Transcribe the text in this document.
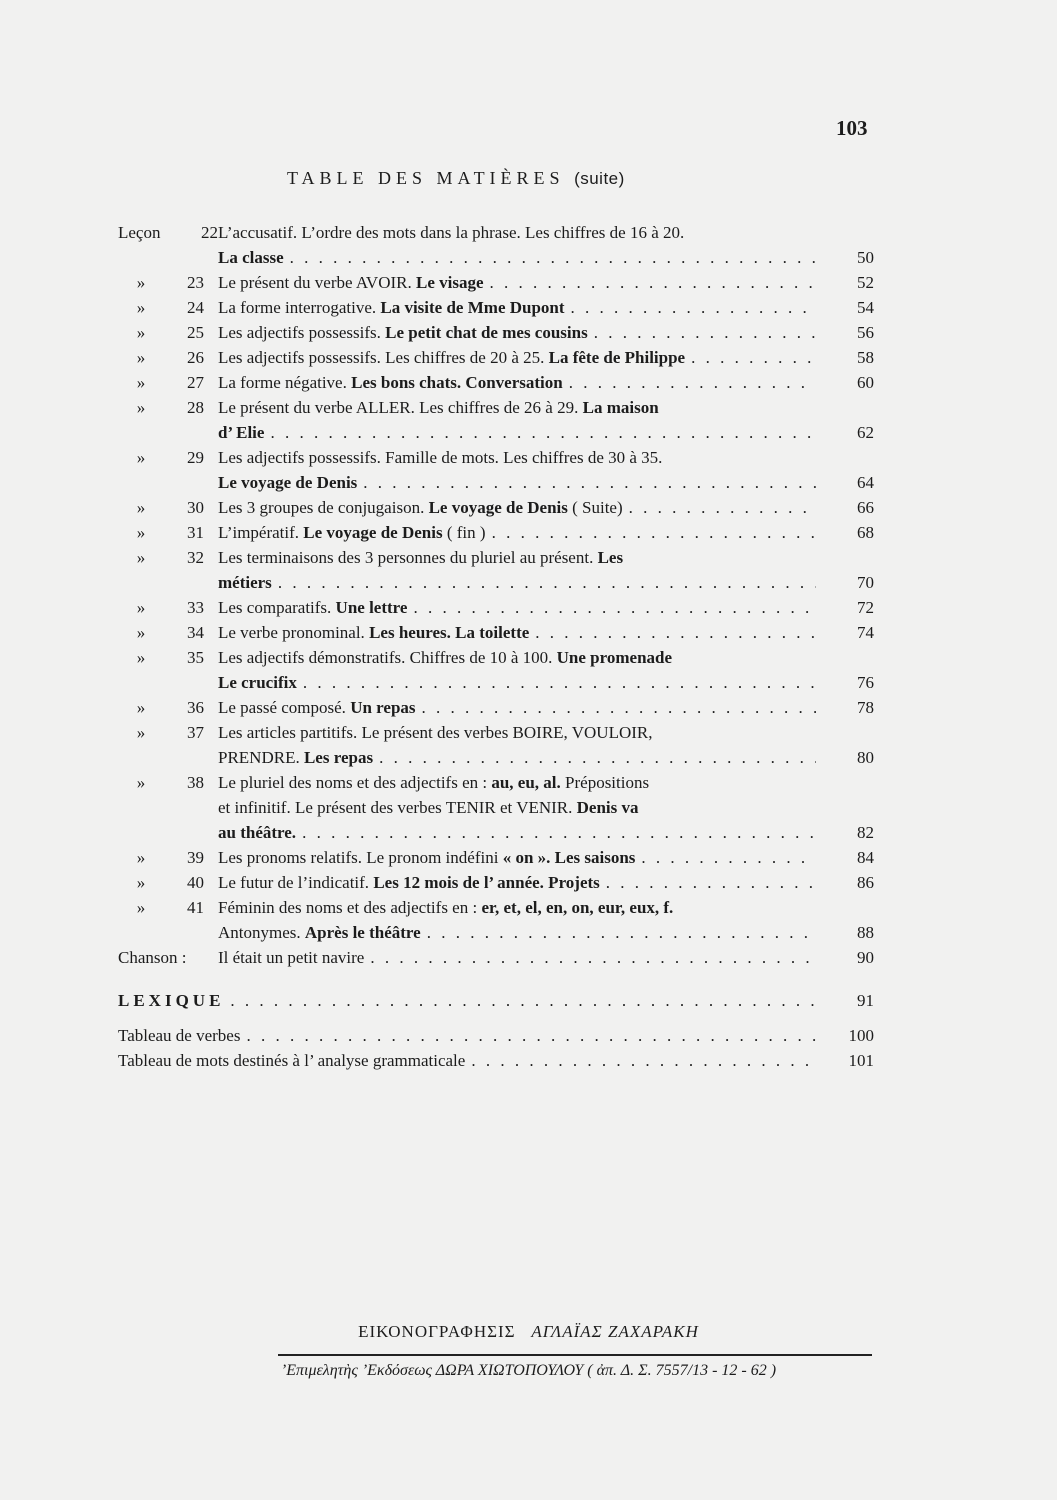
103
TABLE DES MATIÈRES (suite)
Leçon	22 L’accusatif. L’ordre des mots dans la phrase. Les chiffres de 16 à 20.
La classe . . .	50
»	23 Le présent du verbe AVOIR. Le visage . . .	52
»	24 La forme interrogative. La visite de Mme Dupont . . .	54
»	25 Les adjectifs possessifs. Le petit chat de mes cousins . . .	56
»	26 Les adjectifs possessifs. Les chiffres de 20 à 25. La fête de Philippe . . .	58
»	27 La forme négative. Les bons chats. Conversation . . .	60
»	28 Le présent du verbe ALLER. Les chiffres de 26 à 29. La maison
d’ Elie . . .	62
»	29 Les adjectifs possessifs. Famille de mots. Les chiffres de 30 à 35.
Le voyage de Denis . . .	64
»	30 Les 3 groupes de conjugaison. Le voyage de Denis ( Suite) . . .	66
»	31 L’impératif. Le voyage de Denis ( fin ) . . .	68
»	32 Les terminaisons des 3 personnes du pluriel au présent. Les
métiers . . .	70
»	33 Les comparatifs. Une lettre . . .	72
»	34 Le verbe pronominal. Les heures. La toilette . . .	74
»	35 Les adjectifs démonstratifs. Chiffres de 10 à 100. Une promenade
Le crucifix . . .	76
»	36 Le passé composé. Un repas . . .	78
»	37 Les articles partitifs. Le présent des verbes BOIRE, VOULOIR,
PRENDRE. Les repas . . .	80
»	38 Le pluriel des noms et des adjectifs en : au, eu, al. Prépositions
et infinitif. Le présent des verbes TENIR et VENIR. Denis va
au théâtre. . . .	82
»	39 Les pronoms relatifs. Le pronom indéfini « on ». Les saisons . . .	84
»	40 Le futur de l’indicatif. Les 12 mois de l’ année. Projets . . .	86
»	41 Féminin des noms et des adjectifs en : er, et, el, en, on, eur, eux, f.
Antonymes. Après le théâtre . . .	88
Chanson :	Il était un petit navire . . .	90
LEXIQUE . . .	91
Tableau de verbes . . .	100
Tableau de mots destinés à l’ analyse grammaticale . . .	101
ΕΙΚΟΝΟΓΡΑΦΗΣΙΣ ΑΓΛΑΪΑΣ ΖΑΧΑΡΑΚΗ
’Επιμελητὴς ’Εκδόσεως ΔΩΡΑ ΧΙΩΤΟΠΟΥΛΟΥ ( ἀπ. Δ. Σ. 7557/13 - 12 - 62 )
